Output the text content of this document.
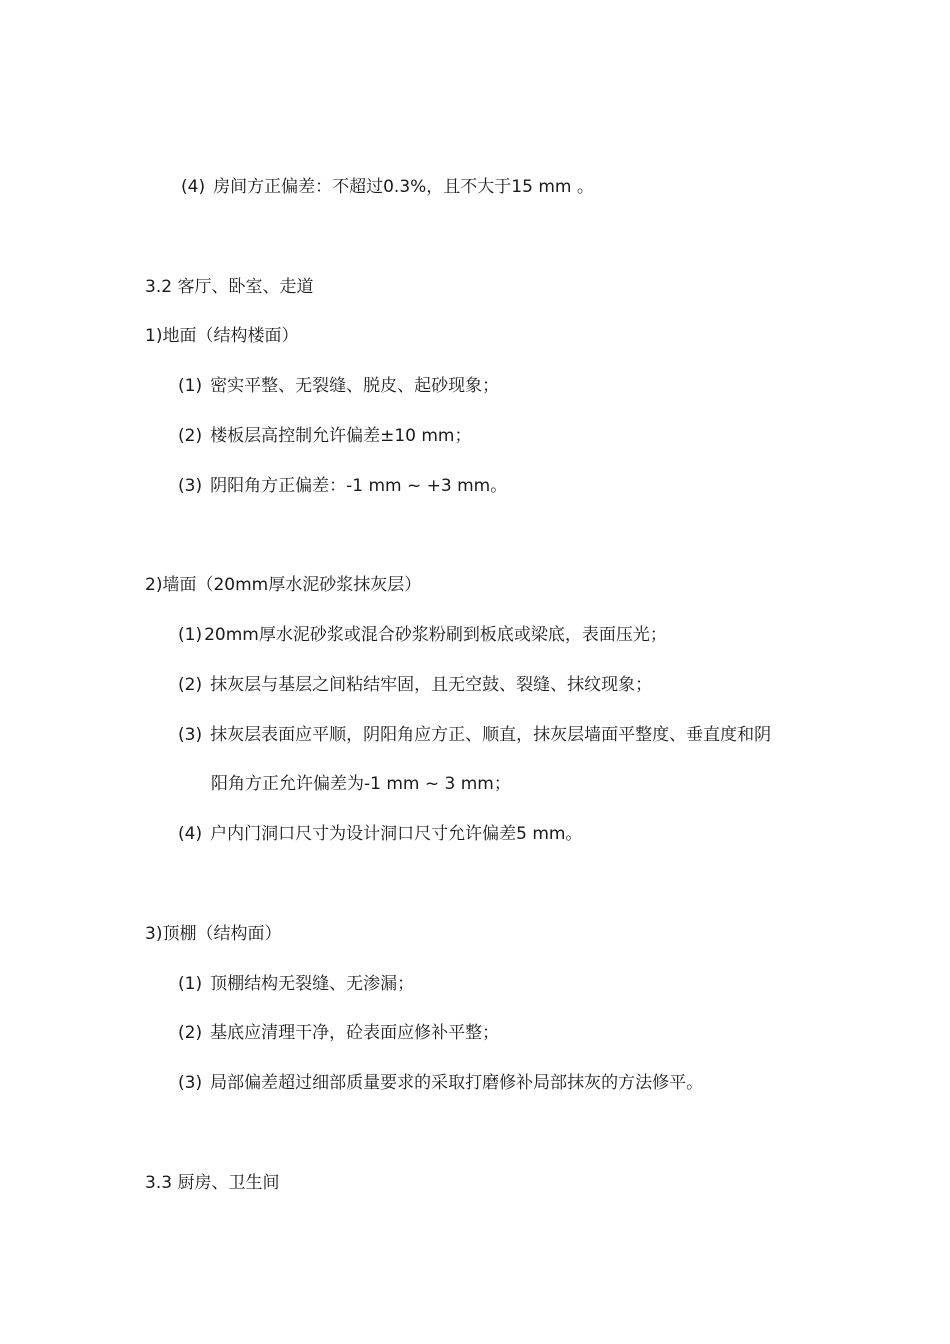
(4) 房间方正偏差：不超过0.3%，且不大于15 mm 。
3.2 客厅、卧室、走道
1)地面（结构楼面）
(1) 密实平整、无裂缝、脱皮、起砂现象；
(2) 楼板层高控制允许偏差±10 mm；
(3) 阴阳角方正偏差：-1 mm ~ +3 mm。
2)墙面（20mm厚水泥砂浆抹灰层）
(1) 20mm厚水泥砂浆或混合砂浆粉刷到板底或梁底，表面压光；
(2) 抹灰层与基层之间粘结牢固，且无空鼓、裂缝、抹纹现象；
(3) 抹灰层表面应平顺，阴阳角应方正、顺直，抹灰层墙面平整度、垂直度和阴
阳角方正允许偏差为-1 mm ~ 3 mm；
(4) 户内门洞口尺寸为设计洞口尺寸允许偏差5 mm。
3)顶棚（结构面）
(1) 顶棚结构无裂缝、无渗漏；
(2) 基底应清理干净，砼表面应修补平整；
(3) 局部偏差超过细部质量要求的采取打磨修补局部抹灰的方法修平。
3.3 厨房、卫生间
